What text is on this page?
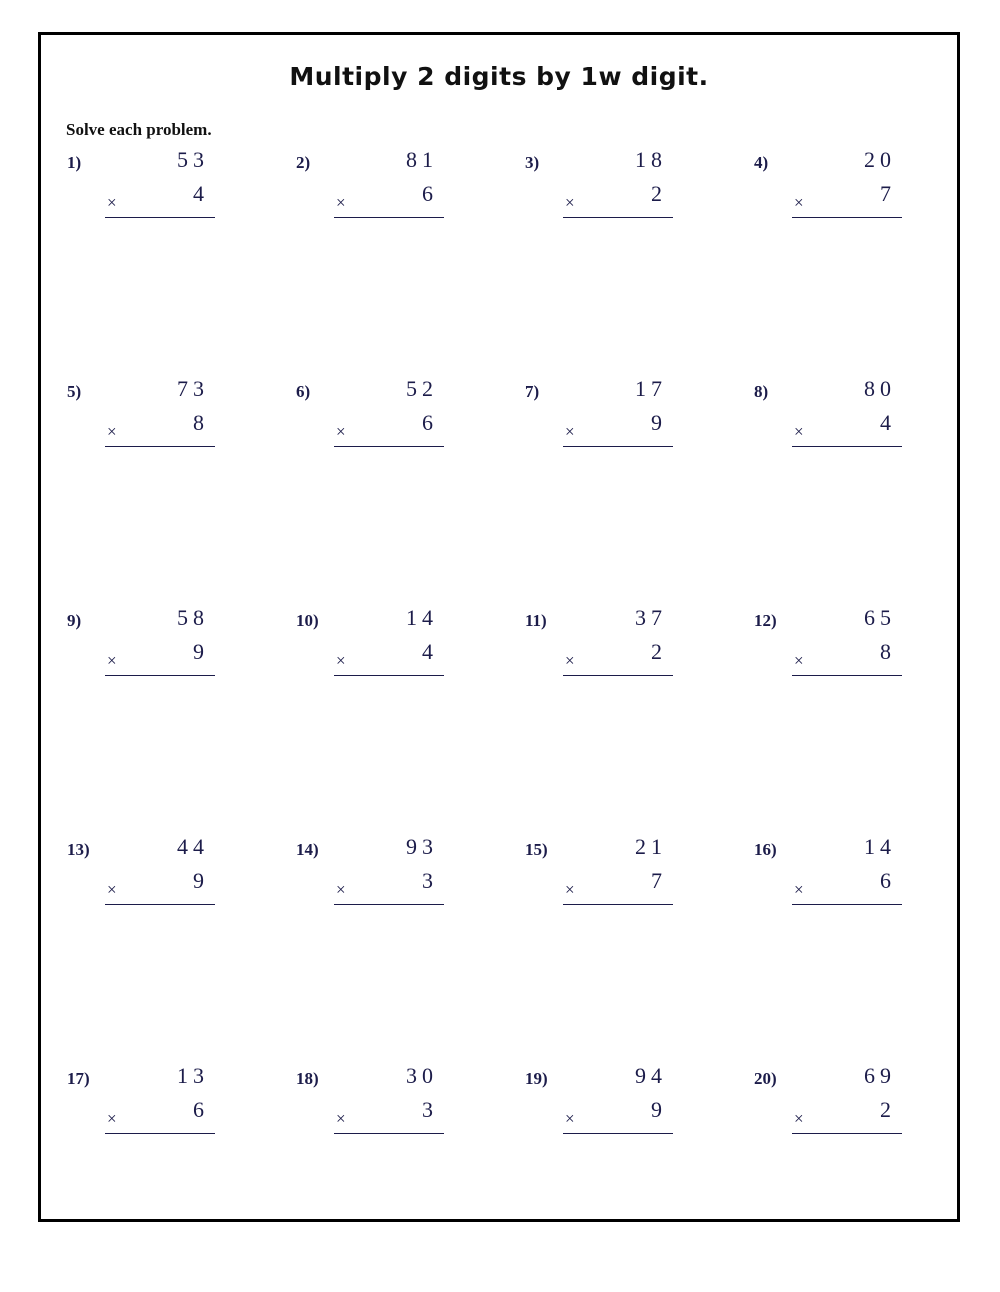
Multiply 2 digits by 1w digit.
Solve each problem.
1)	53
×	4
2)	81
×	6
3)	18
×	2
4)	20
×	7
5)	73
×	8
6)	52
×	6
7)	17
×	9
8)	80
×	4
9)	58
×	9
10)	14
×	4
11)	37
×	2
12)	65
×	8
13)	44
×	9
14)	93
×	3
15)	21
×	7
16)	14
×	6
17)	13
×	6
18)	30
×	3
19)	94
×	9
20)	69
×	2
